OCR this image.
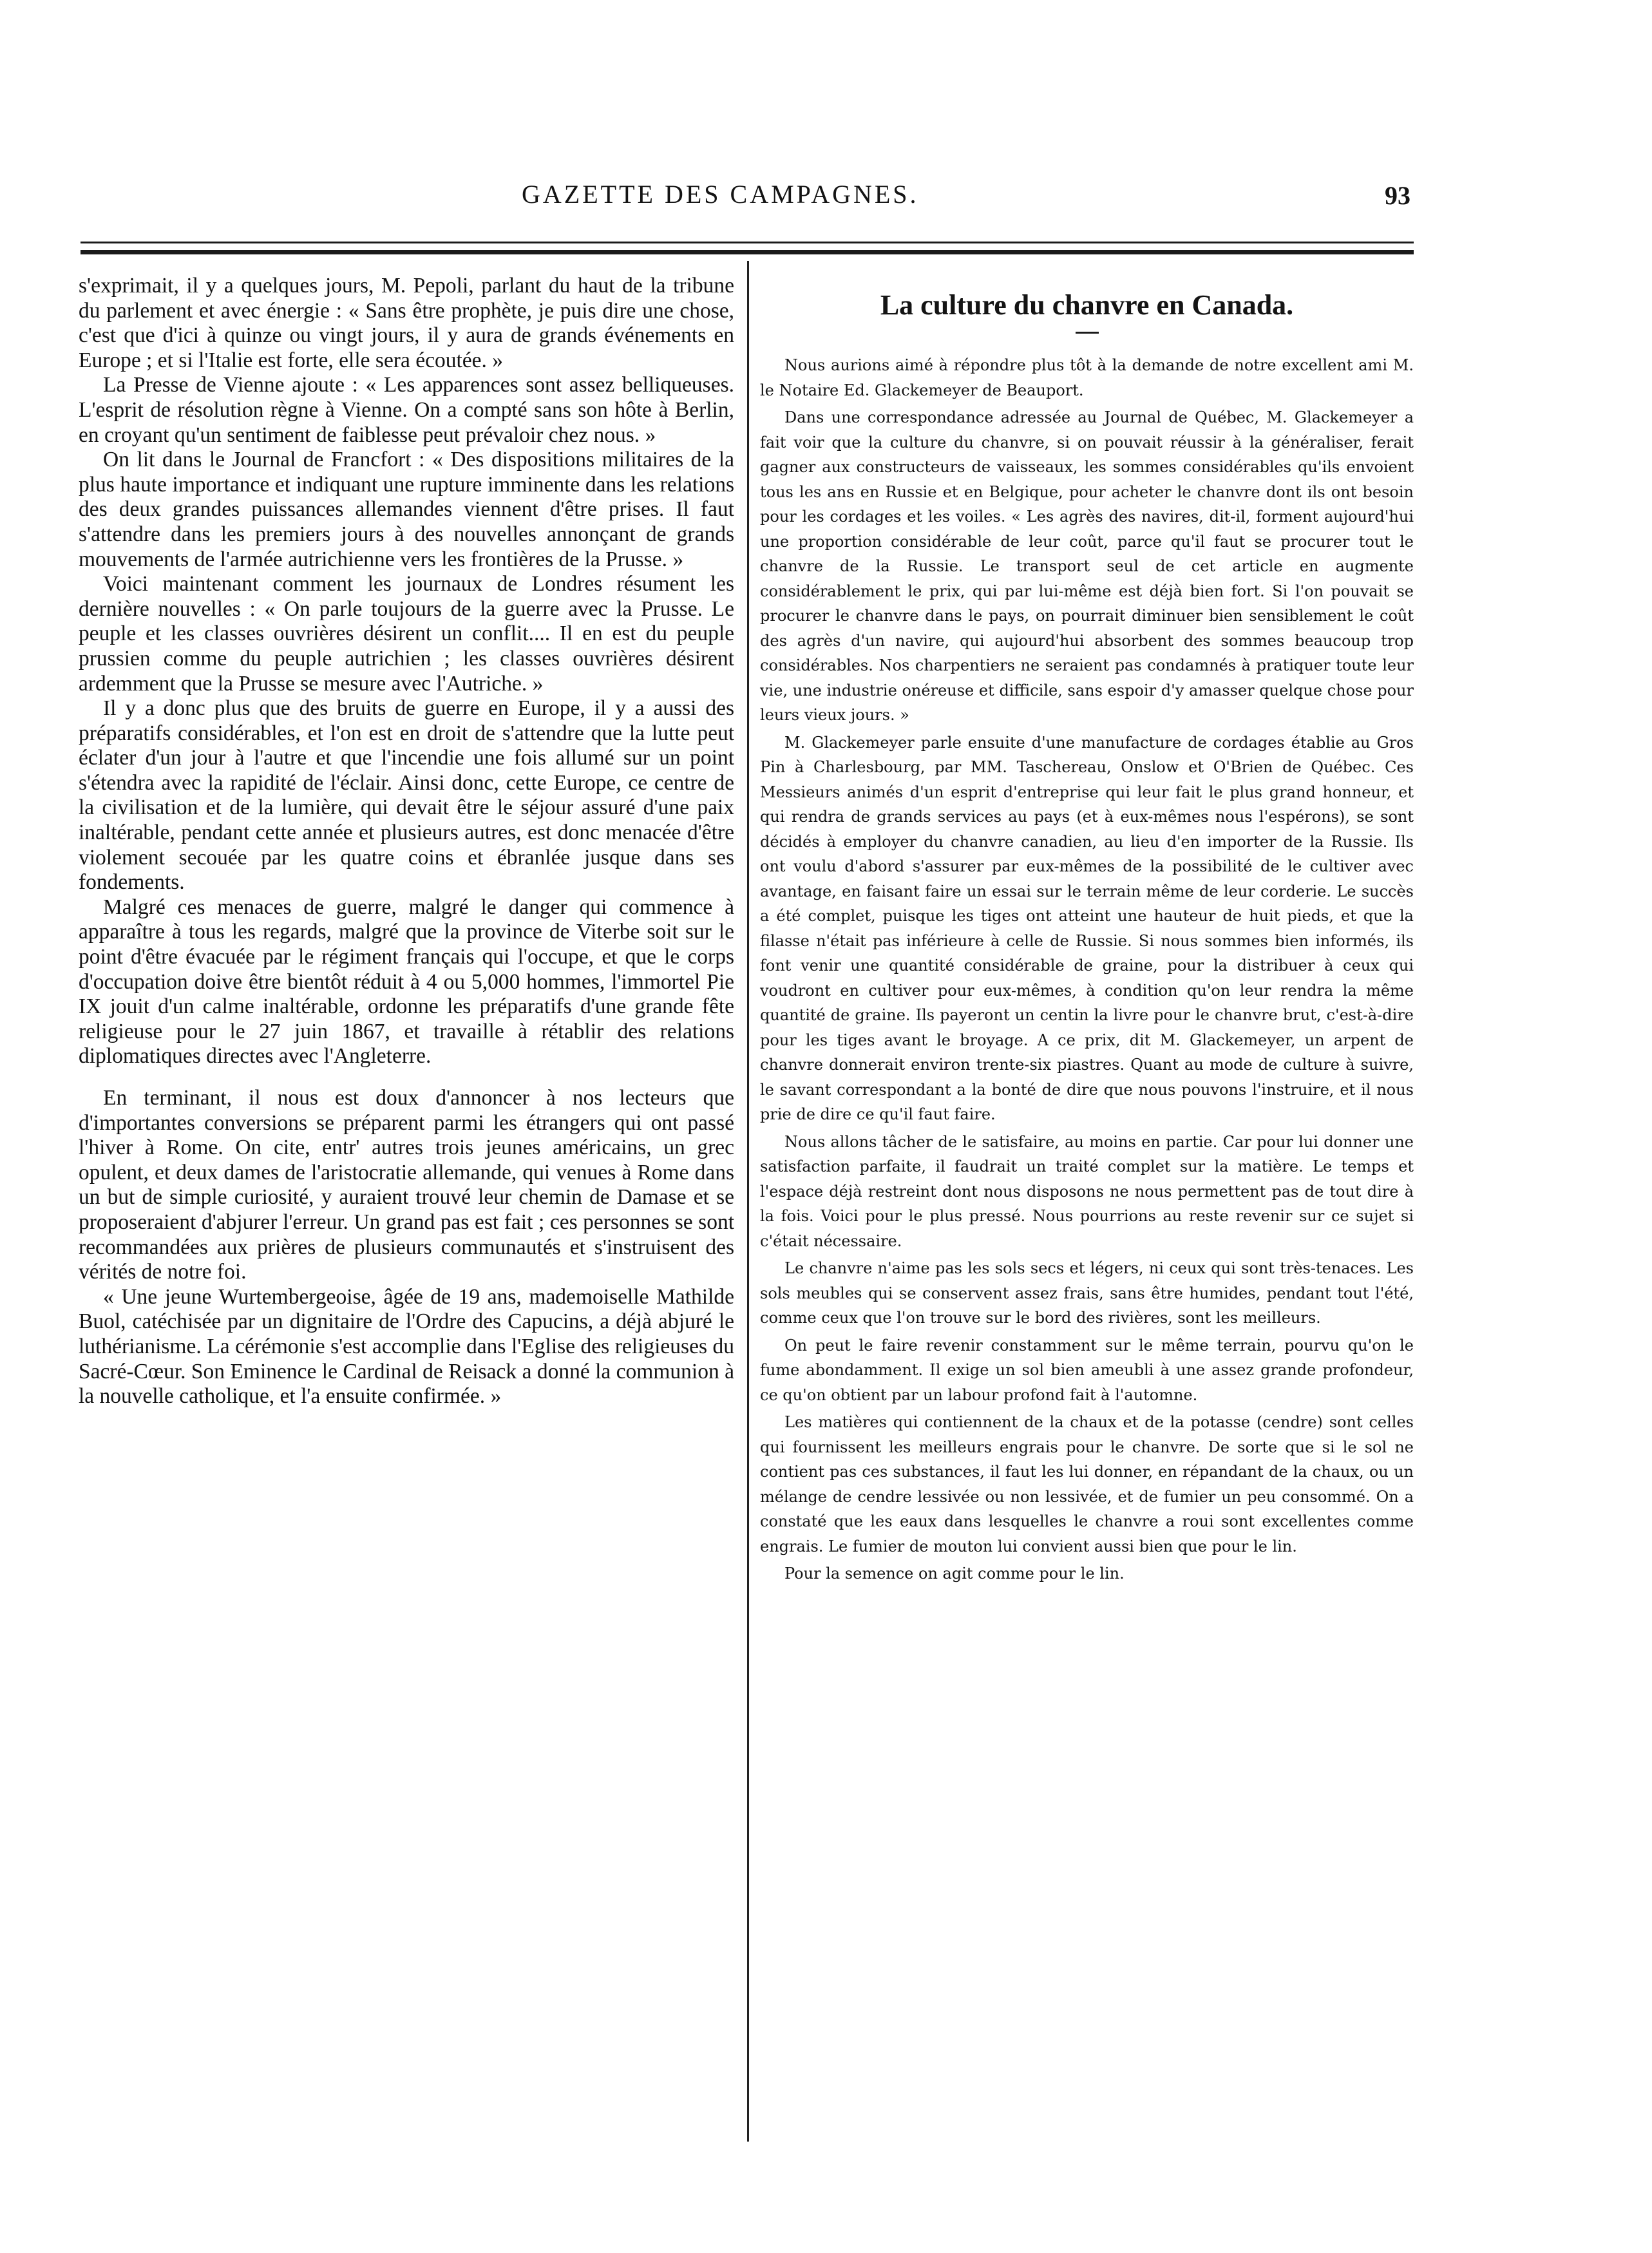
GAZETTE DES CAMPAGNES.	93

s'exprimait, il y a quelques jours, M. Pepoli, parlant du haut de la tribune du parlement et avec énergie : « Sans être prophète, je puis dire une chose, c'est que d'ici à quinze ou vingt jours, il y aura de grands événements en Europe ; et si l'Italie est forte, elle sera écoutée. »

La Presse de Vienne ajoute : « Les apparences sont assez belliqueuses. L'esprit de résolution règne à Vienne. On a compté sans son hôte à Berlin, en croyant qu'un sentiment de faiblesse peut prévaloir chez nous. »

On lit dans le Journal de Francfort : « Des dispositions militaires de la plus haute importance et indiquant une rupture imminente dans les relations des deux grandes puissances allemandes viennent d'être prises. Il faut s'attendre dans les premiers jours à des nouvelles annonçant de grands mouvements de l'armée autrichienne vers les frontières de la Prusse. »

Voici maintenant comment les journaux de Londres résument les dernière nouvelles : « On parle toujours de la guerre avec la Prusse. Le peuple et les classes ouvrières désirent un conflit.... Il en est du peuple prussien comme du peuple autrichien ; les classes ouvrières désirent ardemment que la Prusse se mesure avec l'Autriche. »

Il y a donc plus que des bruits de guerre en Europe, il y a aussi des préparatifs considérables, et l'on est en droit de s'attendre que la lutte peut éclater d'un jour à l'autre et que l'incendie une fois allumé sur un point s'étendra avec la rapidité de l'éclair. Ainsi donc, cette Europe, ce centre de la civilisation et de la lumière, qui devait être le séjour assuré d'une paix inaltérable, pendant cette année et plusieurs autres, est donc menacée d'être violement secouée par les quatre coins et ébranlée jusque dans ses fondements.

Malgré ces menaces de guerre, malgré le danger qui commence à apparaître à tous les regards, malgré que la province de Viterbe soit sur le point d'être évacuée par le régiment français qui l'occupe, et que le corps d'occupation doive être bientôt réduit à 4 ou 5,000 hommes, l'immortel Pie IX jouit d'un calme inaltérable, ordonne les préparatifs d'une grande fête religieuse pour le 27 juin 1867, et travaille à rétablir des relations diplomatiques directes avec l'Angleterre.

En terminant, il nous est doux d'annoncer à nos lecteurs que d'importantes conversions se préparent parmi les étrangers qui ont passé l'hiver à Rome. On cite, entr' autres trois jeunes américains, un grec opulent, et deux dames de l'aristocratie allemande, qui venues à Rome dans un but de simple curiosité, y auraient trouvé leur chemin de Damase et se proposeraient d'abjurer l'erreur. Un grand pas est fait ; ces personnes se sont recommandées aux prières de plusieurs communautés et s'instruisent des vérités de notre foi.

« Une jeune Wurtembergeoise, âgée de 19 ans, mademoiselle Mathilde Buol, catéchisée par un dignitaire de l'Ordre des Capucins, a déjà abjuré le luthérianisme. La cérémonie s'est accomplie dans l'Eglise des religieuses du Sacré-Cœur. Son Eminence le Cardinal de Reisack a donné la communion à la nouvelle catholique, et l'a ensuite confirmée. »

La culture du chanvre en Canada.

Nous aurions aimé à répondre plus tôt à la demande de notre excellent ami M. le Notaire Ed. Glackemeyer de Beauport.

Dans une correspondance adressée au Journal de Québec, M. Glackemeyer a fait voir que la culture du chanvre, si on pouvait réussir à la généraliser, ferait gagner aux constructeurs de vaisseaux, les sommes considérables qu'ils envoient tous les ans en Russie et en Belgique, pour acheter le chanvre dont ils ont besoin pour les cordages et les voiles. « Les agrès des navires, dit-il, forment aujourd'hui une proportion considérable de leur coût, parce qu'il faut se procurer tout le chanvre de la Russie. Le transport seul de cet article en augmente considérablement le prix, qui par lui-même est déjà bien fort. Si l'on pouvait se procurer le chanvre dans le pays, on pourrait diminuer bien sensiblement le coût des agrès d'un navire, qui aujourd'hui absorbent des sommes beaucoup trop considérables. Nos charpentiers ne seraient pas condamnés à pratiquer toute leur vie, une industrie onéreuse et difficile, sans espoir d'y amasser quelque chose pour leurs vieux jours. »

M. Glackemeyer parle ensuite d'une manufacture de cordages établie au Gros Pin à Charlesbourg, par MM. Taschereau, Onslow et O'Brien de Québec. Ces Messieurs animés d'un esprit d'entreprise qui leur fait le plus grand honneur, et qui rendra de grands services au pays (et à eux-mêmes nous l'espérons), se sont décidés à employer du chanvre canadien, au lieu d'en importer de la Russie. Ils ont voulu d'abord s'assurer par eux-mêmes de la possibilité de le cultiver avec avantage, en faisant faire un essai sur le terrain même de leur corderie. Le succès a été complet, puisque les tiges ont atteint une hauteur de huit pieds, et que la filasse n'était pas inférieure à celle de Russie. Si nous sommes bien informés, ils font venir une quantité considérable de graine, pour la distribuer à ceux qui voudront en cultiver pour eux-mêmes, à condition qu'on leur rendra la même quantité de graine. Ils payeront un centin la livre pour le chanvre brut, c'est-à-dire pour les tiges avant le broyage. A ce prix, dit M. Glackemeyer, un arpent de chanvre donnerait environ trente-six piastres. Quant au mode de culture à suivre, le savant correspondant a la bonté de dire que nous pouvons l'instruire, et il nous prie de dire ce qu'il faut faire.

Nous allons tâcher de le satisfaire, au moins en partie. Car pour lui donner une satisfaction parfaite, il faudrait un traité complet sur la matière. Le temps et l'espace déjà restreint dont nous disposons ne nous permettent pas de tout dire à la fois. Voici pour le plus pressé. Nous pourrions au reste revenir sur ce sujet si c'était nécessaire.

Le chanvre n'aime pas les sols secs et légers, ni ceux qui sont très-tenaces. Les sols meubles qui se conservent assez frais, sans être humides, pendant tout l'été, comme ceux que l'on trouve sur le bord des rivières, sont les meilleurs.

On peut le faire revenir constamment sur le même terrain, pourvu qu'on le fume abondamment. Il exige un sol bien ameubli à une assez grande profondeur, ce qu'on obtient par un labour profond fait à l'automne.

Les matières qui contiennent de la chaux et de la potasse (cendre) sont celles qui fournissent les meilleurs engrais pour le chanvre. De sorte que si le sol ne contient pas ces substances, il faut les lui donner, en répandant de la chaux, ou un mélange de cendre lessivée ou non lessivée, et de fumier un peu consommé. On a constaté que les eaux dans lesquelles le chanvre a roui sont excellentes comme engrais. Le fumier de mouton lui convient aussi bien que pour le lin.

Pour la semence on agit comme pour le lin.
